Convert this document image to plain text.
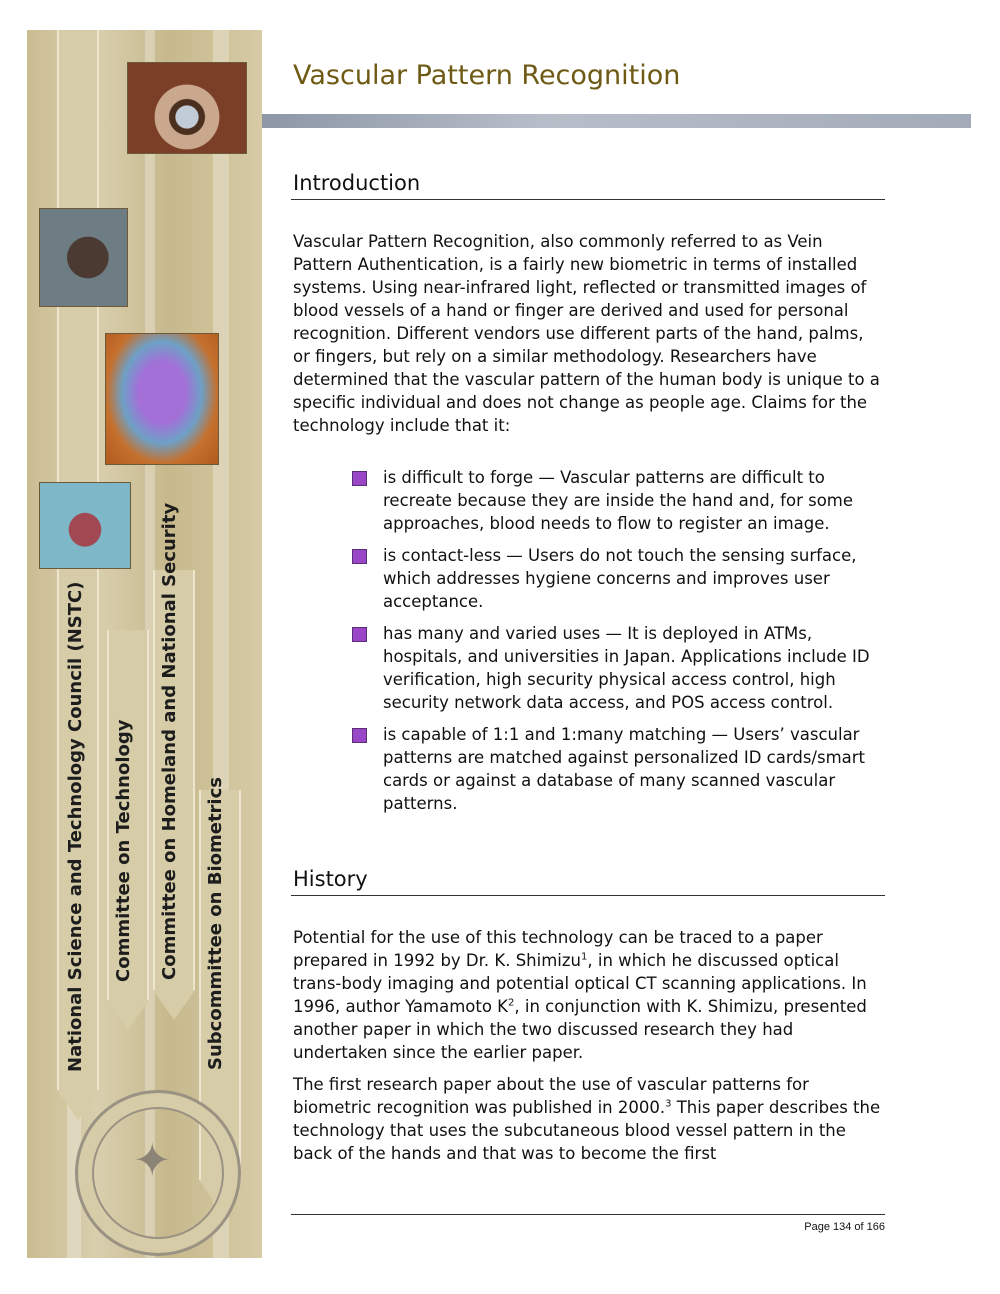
National Science and Technology Council (NSTC) Committee on Technology Committee on Homeland and National Security Subcommittee on Biometrics
✦
Vascular Pattern Recognition
Introduction

Vascular Pattern Recognition, also commonly referred to as Vein Pattern Authentication, is a fairly new biometric in terms of installed systems. Using near-infrared light, reflected or transmitted images of blood vessels of a hand or finger are derived and used for personal recognition. Different vendors use different parts of the hand, palms, or fingers, but rely on a similar methodology. Researchers have determined that the vascular pattern of the human body is unique to a specific individual and does not change as people age. Claims for the technology include that it:

is difficult to forge — Vascular patterns are difficult to recreate because they are inside the hand and, for some approaches, blood needs to flow to register an image.
is contact-less — Users do not touch the sensing surface, which addresses hygiene concerns and improves user acceptance.
has many and varied uses — It is deployed in ATMs, hospitals, and universities in Japan. Applications include ID verification, high security physical access control, high security network data access, and POS access control.
is capable of 1:1 and 1:many matching — Users’ vascular patterns are matched against personalized ID cards/smart cards or against a database of many scanned vascular patterns.
History

Potential for the use of this technology can be traced to a paper prepared in 1992 by Dr. K. Shimizu$^1$, in which he discussed optical trans-body imaging and potential optical CT scanning applications. In 1996, author Yamamoto $K^2$, in conjunction with K. Shimizu, presented another paper in which the two discussed research they had undertaken since the earlier paper.

The first research paper about the use of vascular patterns for biometric recognition was published in 2000.$^3$ This paper describes the technology that uses the subcutaneous blood vessel pattern in the back of the hands and that was to become the first

Page 134 of 166
